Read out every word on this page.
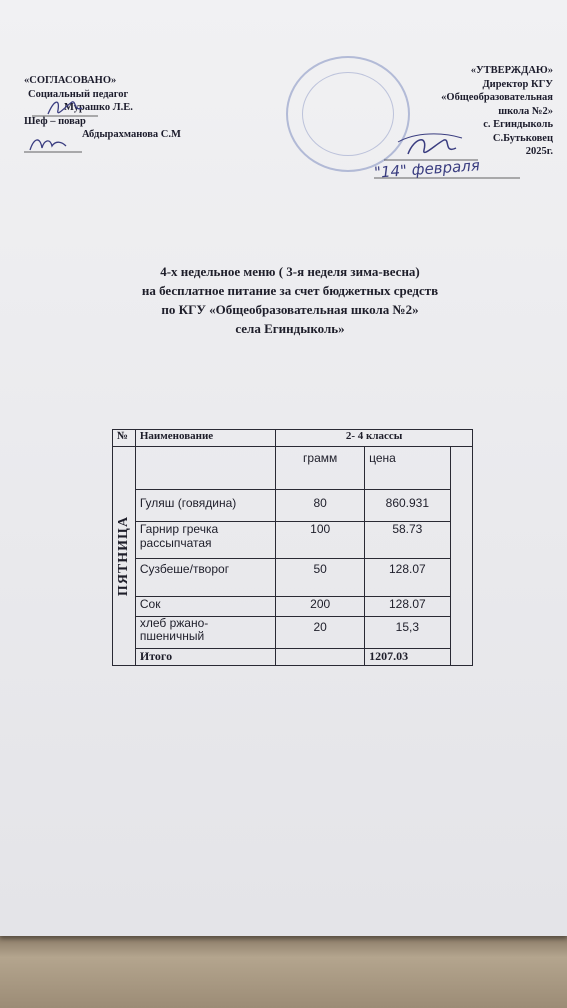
«СОГЛАСОВАНО»
Социальный педагог
Мурашко Л.Е.
Шеф – повар
Абдырахманова С.М
«УТВЕРЖДАЮ»
Директор КГУ
«Общеобразовательная
школа №2»
с. Егиндыколь
С.Бутьковец
2025г.
"14" февраля
4-х недельное меню ( 3-я неделя зима-весна)
на бесплатное питание за счет бюджетных средств
по КГУ «Общеобразовательная школа №2»
села Егиндыколь»
№	Наименование	2- 4 классы		

ПЯТНИЦА		грамм	цена	
	Гуляш (говядина)	80	860.931	
	Гарнир гречка рассыпчатая	100	58.73	
	Сузбеше/творог	50	128.07	
	Сок	200	128.07	
	хлеб ржано-пшеничный	20	15,3	
	Итого		1207.03	
